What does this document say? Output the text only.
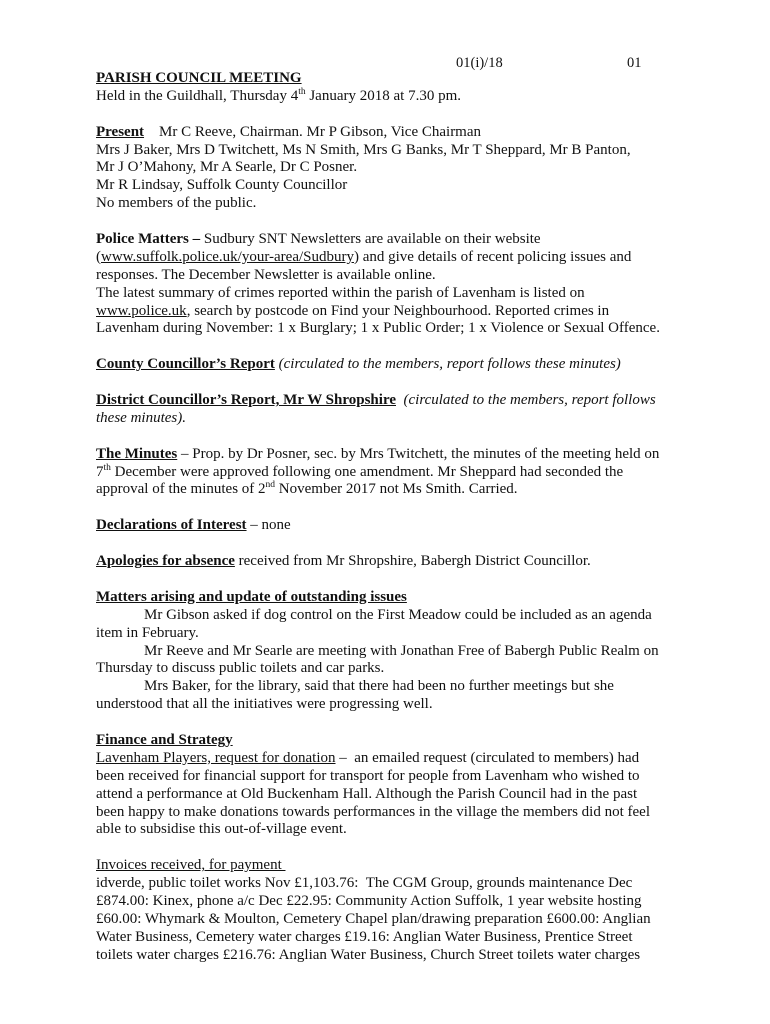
01(i)/18	01
PARISH COUNCIL MEETING
Held in the Guildhall, Thursday 4th January 2018 at 7.30 pm.
Present Mr C Reeve, Chairman. Mr P Gibson, Vice Chairman
Mrs J Baker, Mrs D Twitchett, Ms N Smith, Mrs G Banks, Mr T Sheppard, Mr B Panton,
Mr J O’Mahony, Mr A Searle, Dr C Posner.
Mr R Lindsay, Suffolk County Councillor
No members of the public.
Police Matters – Sudbury SNT Newsletters are available on their website
(www.suffolk.police.uk/your-area/Sudbury) and give details of recent policing issues and
responses. The December Newsletter is available online.
The latest summary of crimes reported within the parish of Lavenham is listed on
www.police.uk, search by postcode on Find your Neighbourhood. Reported crimes in
Lavenham during November: 1 x Burglary; 1 x Public Order; 1 x Violence or Sexual Offence.
County Councillor’s Report (circulated to the members, report follows these minutes)
District Councillor’s Report, Mr W Shropshire  (circulated to the members, report follows
these minutes).
The Minutes – Prop. by Dr Posner, sec. by Mrs Twitchett, the minutes of the meeting held on
7th December were approved following one amendment. Mr Sheppard had seconded the
approval of the minutes of 2nd November 2017 not Ms Smith. Carried.
Declarations of Interest – none
Apologies for absence received from Mr Shropshire, Babergh District Councillor.
Matters arising and update of outstanding issues
Mr Gibson asked if dog control on the First Meadow could be included as an agenda
item in February.
Mr Reeve and Mr Searle are meeting with Jonathan Free of Babergh Public Realm on
Thursday to discuss public toilets and car parks.
Mrs Baker, for the library, said that there had been no further meetings but she
understood that all the initiatives were progressing well.
Finance and Strategy
Lavenham Players, request for donation –  an emailed request (circulated to members) had
been received for financial support for transport for people from Lavenham who wished to
attend a performance at Old Buckenham Hall. Although the Parish Council had in the past
been happy to make donations towards performances in the village the members did not feel
able to subsidise this out-of-village event.
Invoices received, for payment
idverde, public toilet works Nov £1,103.76:  The CGM Group, grounds maintenance Dec
£874.00: Kinex, phone a/c Dec £22.95: Community Action Suffolk, 1 year website hosting
£60.00: Whymark & Moulton, Cemetery Chapel plan/drawing preparation £600.00: Anglian
Water Business, Cemetery water charges £19.16: Anglian Water Business, Prentice Street
toilets water charges £216.76: Anglian Water Business, Church Street toilets water charges
